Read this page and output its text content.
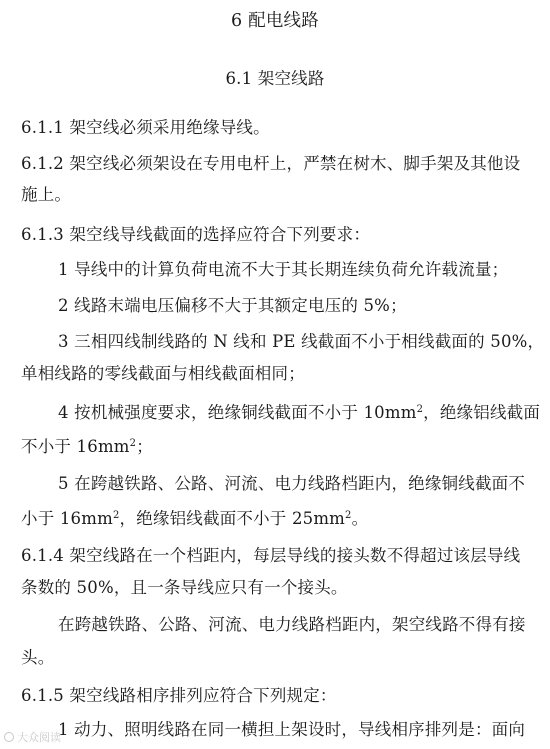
6 配电线路
6.1 架空线路
6.1.1 架空线必须采用绝缘导线。
6.1.2 架空线必须架设在专用电杆上，严禁在树木、脚手架及其他设
施上。
6.1.3 架空线导线截面的选择应符合下列要求：
1 导线中的计算负荷电流不大于其长期连续负荷允许载流量；
2 线路末端电压偏移不大于其额定电压的 5%；
3 三相四线制线路的 N 线和 PE 线截面不小于相线截面的 50%，
单相线路的零线截面与相线截面相同；
4 按机械强度要求，绝缘铜线截面不小于 $10mm^2$，绝缘铝线截面
不小于 $16mm^2$；
5 在跨越铁路、公路、河流、电力线路档距内，绝缘铜线截面不
小于 $16mm^2$，绝缘铝线截面不小于 $25mm^2$。
6.1.4 架空线路在一个档距内，每层导线的接头数不得超过该层导线
条数的 50%，且一条导线应只有一个接头。
在跨越铁路、公路、河流、电力线路档距内，架空线路不得有接
头。
6.1.5 架空线路相序排列应符合下列规定：
1 动力、照明线路在同一横担上架设时，导线相序排列是：面向
大众阅读
